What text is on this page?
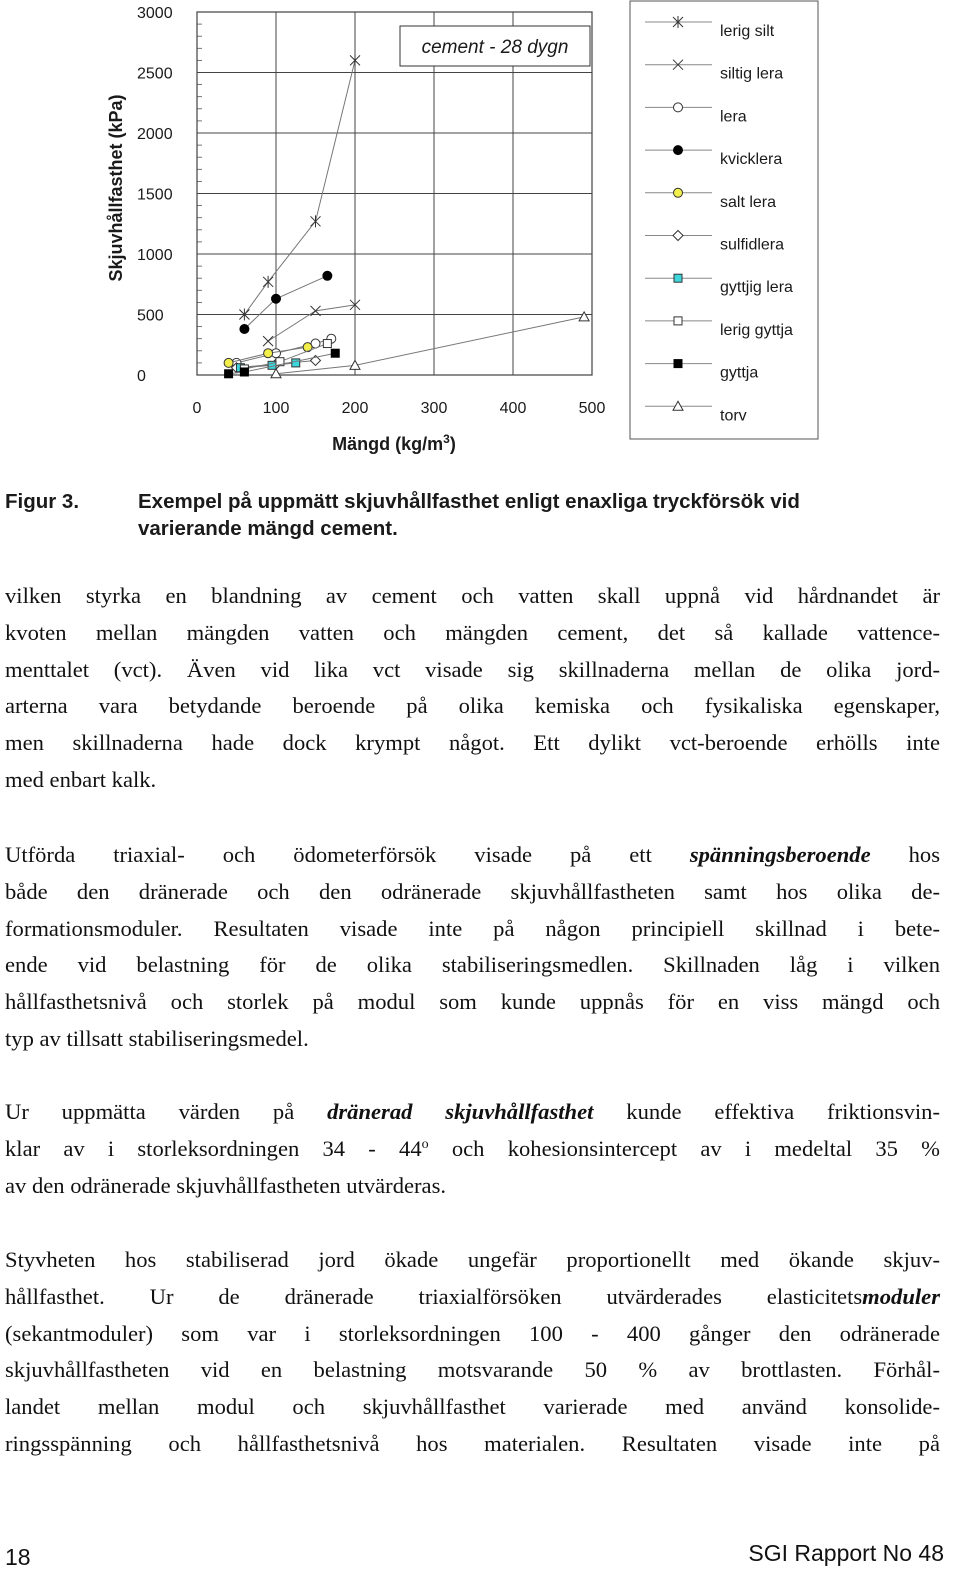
0
500
1000
1500
2000
2500
3000
0	100	200	300	400	500
Skjuvhållfasthet (kPa)
Mängd $(kg/m^3)$
cement - 28 dygn
lerig silt
siltig lera
lera
kvicklera
salt lera
sulfidlera
gyttjig lera
lerig gyttja
gyttja
torv
Figur 3.	Exempel på uppmätt skjuvhållfasthet enligt enaxliga tryckförsök vid
varierande mängd cement.
vilken styrka en blandning av cement och vatten skall uppnå vid hårdnandet är
kvoten mellan mängden vatten och mängden cement, det så kallade vattence-
menttalet (vct). Även vid lika vct visade sig skillnaderna mellan de olika jord-
arterna vara betydande beroende på olika kemiska och fysikaliska egenskaper,
men skillnaderna hade dock krympt något. Ett dylikt vct-beroende erhölls inte
med enbart kalk.
Utförda triaxial- och ödometerförsök visade på ett spänningsberoende hos
både den dränerade och den odränerade skjuvhållfastheten samt hos olika de-
formationsmoduler. Resultaten visade inte på någon principiell skillnad i bete-
ende vid belastning för de olika stabiliseringsmedlen. Skillnaden låg i vilken
hållfasthetsnivå och storlek på modul som kunde uppnås för en viss mängd och
typ av tillsatt stabiliseringsmedel.
Ur uppmätta värden på dränerad skjuvhållfasthet kunde effektiva friktionsvin-
klar av i storleksordningen 34 - 44$^o$ och kohesionsintercept av i medeltal 35 %
av den odränerade skjuvhållfastheten utvärderas.
Styvheten hos stabiliserad jord ökade ungefär proportionellt med ökande skjuv-
hållfasthet. Ur de dränerade triaxialförsöken utvärderades elasticitetsmoduler
(sekantmoduler) som var i storleksordningen 100 - 400 gånger den odränerade
skjuvhållfastheten vid en belastning motsvarande 50 % av brottlasten. Förhål-
landet mellan modul och skjuvhållfasthet varierade med använd konsolide-
ringsspänning och hållfasthetsnivå hos materialen. Resultaten visade inte på
18	SGI Rapport No 48
